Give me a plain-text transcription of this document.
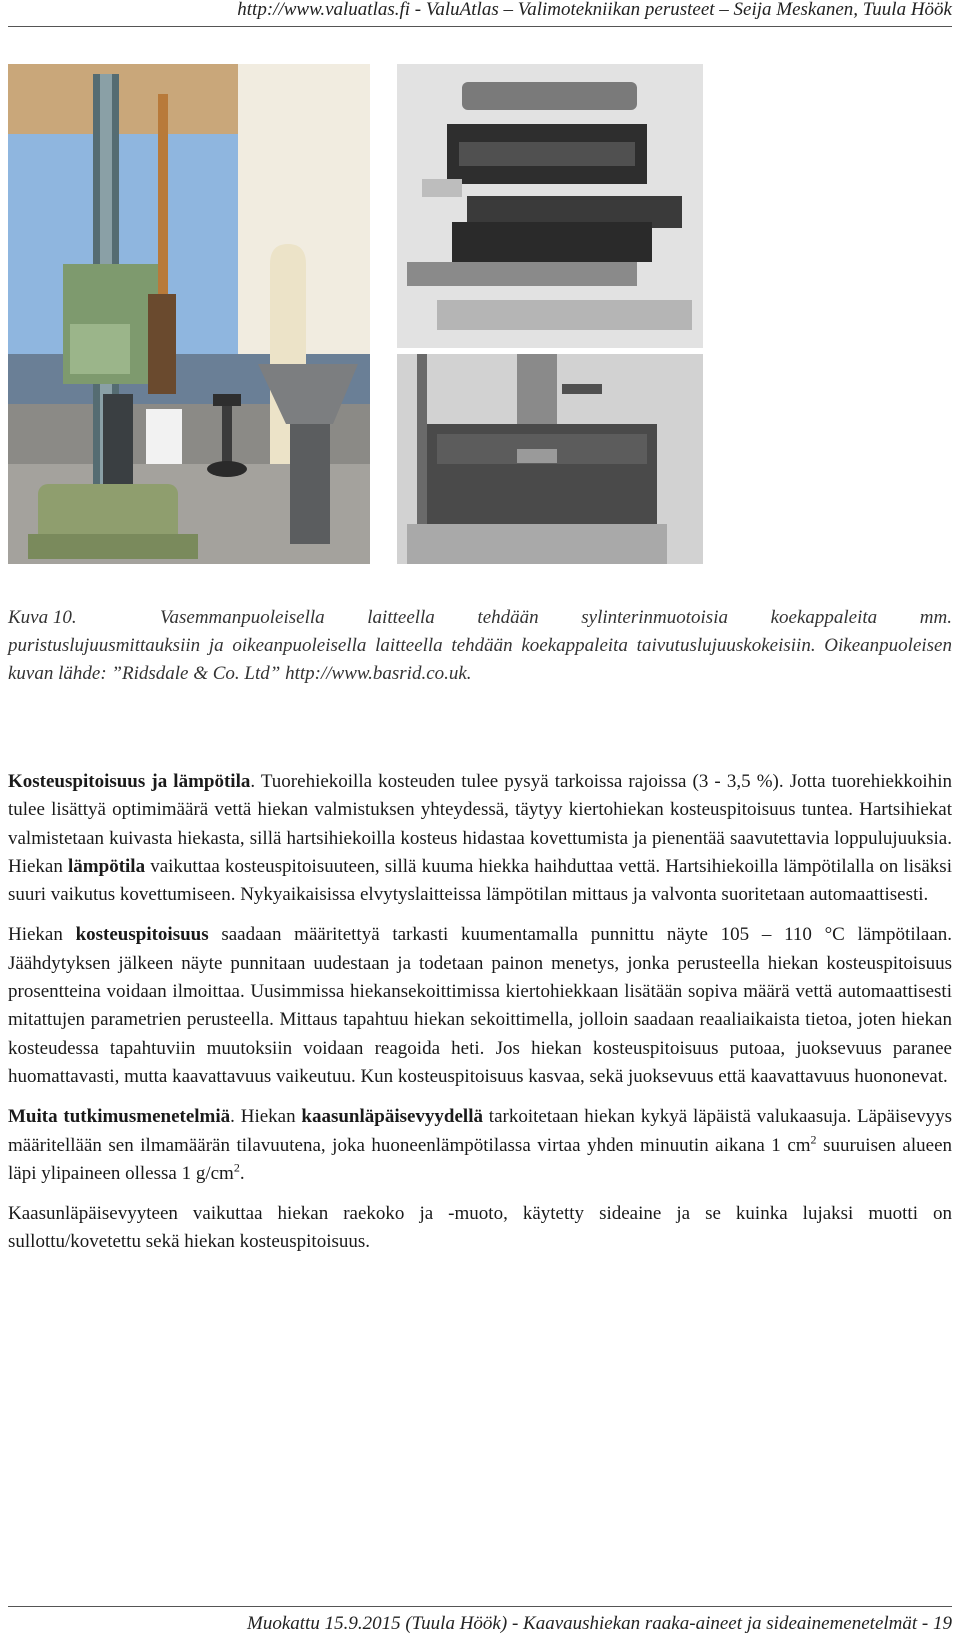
http://www.valuatlas.fi - ValuAtlas – Valimotekniikan perusteet – Seija Meskanen, Tuula Höök
Kuva 10.	Vasemmanpuoleisella laitteella tehdään sylinterinmuotoisia koekappaleita mm. puristuslujuusmittauksiin ja oikeanpuoleisella laitteella tehdään koekappaleita taivutuslujuuskokeisiin. Oikeanpuoleisen kuvan lähde: ”Ridsdale & Co. Ltd” http://www.basrid.co.uk.

Kosteuspitoisuus ja lämpötila. Tuorehiekoilla kosteuden tulee pysyä tarkoissa rajoissa (3 - 3,5 %). Jotta tuorehiekkoihin tulee lisättyä optimimäärä vettä hiekan valmistuksen yhteydessä, täytyy kiertohiekan kosteuspitoisuus tuntea. Hartsihiekat valmistetaan kuivasta hiekasta, sillä hartsihiekoilla kosteus hidastaa kovettumista ja pienentää saavutettavia loppulujuuksia. Hiekan lämpötila vaikuttaa kosteuspitoisuuteen, sillä kuuma hiekka haihduttaa vettä. Hartsihiekoilla lämpötilalla on lisäksi suuri vaikutus kovettumiseen. Nykyaikaisissa elvytyslaitteissa lämpötilan mittaus ja valvonta suoritetaan automaattisesti.

Hiekan kosteuspitoisuus saadaan määritettyä tarkasti kuumentamalla punnittu näyte 105 – 110 °C lämpötilaan. Jäähdytyksen jälkeen näyte punnitaan uudestaan ja todetaan painon menetys, jonka perusteella hiekan kosteuspitoisuus prosentteina voidaan ilmoittaa. Uusimmissa hiekansekoittimissa kiertohiekkaan lisätään sopiva määrä vettä automaattisesti mitattujen parametrien perusteella. Mittaus tapahtuu hiekan sekoittimella, jolloin saadaan reaaliaikaista tietoa, joten hiekan kosteudessa tapahtuviin muutoksiin voidaan reagoida heti. Jos hiekan kosteuspitoisuus putoaa, juoksevuus paranee huomattavasti, mutta kaavattavuus vaikeutuu. Kun kosteuspitoisuus kasvaa, sekä juoksevuus että kaavattavuus huononevat.

Muita tutkimusmenetelmiä. Hiekan kaasunläpäisevyydellä tarkoitetaan hiekan kykyä läpäistä valukaasuja. Läpäisevyys määritellään sen ilmamäärän tilavuutena, joka huoneenlämpötilassa virtaa yhden minuutin aikana 1 $cm^2$ suuruisen alueen läpi ylipaineen ollessa 1 $g/cm^2$.

Kaasunläpäisevyyteen vaikuttaa hiekan raekoko ja -muoto, käytetty sideaine ja se kuinka lujaksi muotti on sullottu/kovetettu sekä hiekan kosteuspitoisuus.

Muokattu 15.9.2015 (Tuula Höök) - Kaavaushiekan raaka-aineet ja sideainemenetelmät - 19
